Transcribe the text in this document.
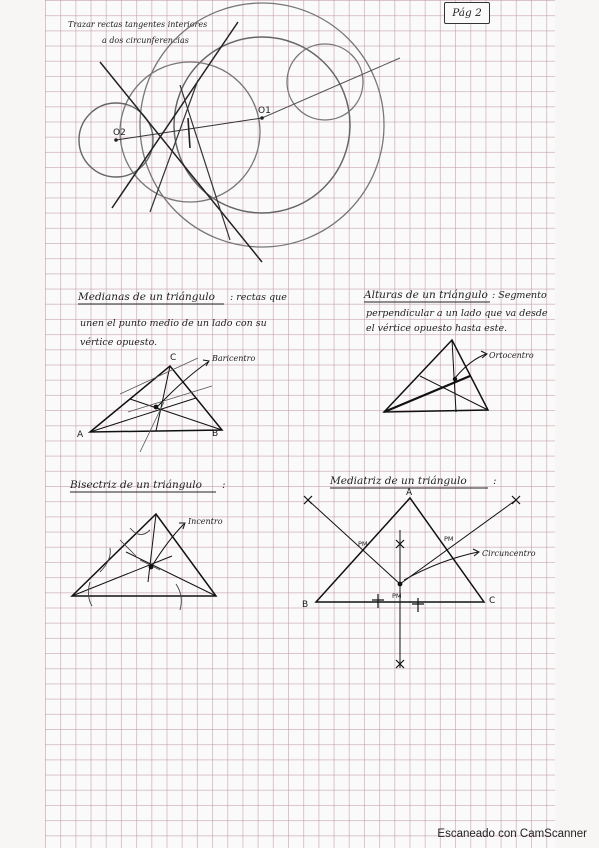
Pág 2
Trazar rectas tangentes interiores
a dos circunferencias
O1
O2
Medianas de un triángulo : rectas que
unen el punto medio de un lado con su
vértice opuesto.
A	B
C	Baricentro
Alturas de un triángulo : Segmento
perpendicular a un lado que va desde
el vértice opuesto hasta este.
Ortocentro
Bisectriz de un triángulo :
Incentro
Mediatriz de un triángulo	:
A
B	C
PM
PM
PM
Circuncentro
Escaneado con CamScanner
